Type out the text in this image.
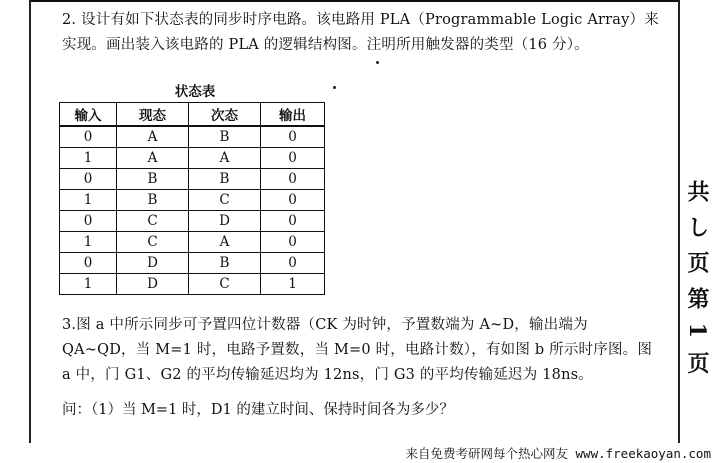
2. 设计有如下状态表的同步时序电路。该电路用 PLA（Programmable Logic Array）来实现。画出装入该电路的 PLA 的逻辑结构图。注明所用触发器的类型（16 分）。

状态表
输入	现态	次态	输出
0	A	B	0
1	A	A	0
0	B	B	0
1	B	C	0
0	C	D	0
1	C	A	0
0	D	B	0
1	D	C	1

3.图 a 中所示同步可予置四位计数器（CK 为时钟，予置数端为 A~D，输出端为 QA~QD，当 M=1 时，电路予置数，当 M=0 时，电路计数），有如图 b 所示时序图。图 a 中，门 G1、G2 的平均传输延迟均为 12ns，门 G3 的平均传输延迟为 18ns。

问：（1）当 M=1 时，D1 的建立时间、保持时间各为多少？

共 し 页 第 1 页
来自免费考研网每个热心网友 www.freekaoyan.com
